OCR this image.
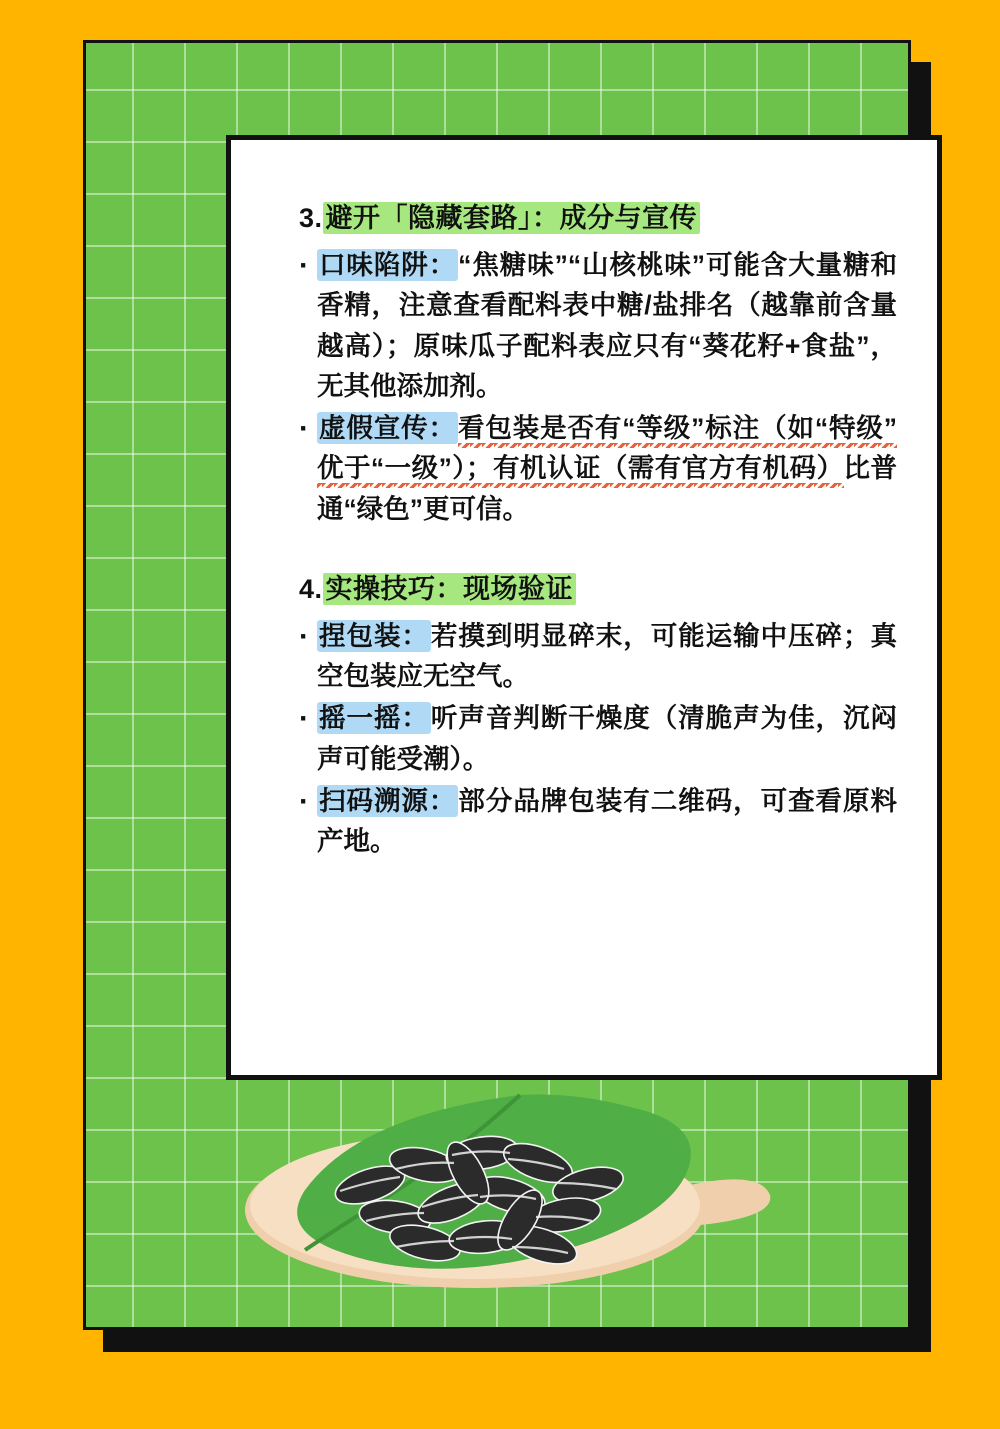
3. 避开「隐藏套路」：成分与宣传
· 口味陷阱：“焦糖味”“山核桃味”可能含大量糖和香精，注意查看配料表中糖/盐排名（越靠前含量越高）；原味瓜子配料表应只有“葵花籽+食盐”，无其他添加剂。
· 虚假宣传：看包装是否有“等级”标注（如“特级”优于“一级”）；有机认证（需有官方有机码）比普通“绿色”更可信。
4. 实操技巧：现场验证
· 捏包装：若摸到明显碎末，可能运输中压碎；真空包装应无空气。
· 摇一摇：听声音判断干燥度（清脆声为佳，沉闷声可能受潮）。
· 扫码溯源：部分品牌包装有二维码，可查看原料产地。
